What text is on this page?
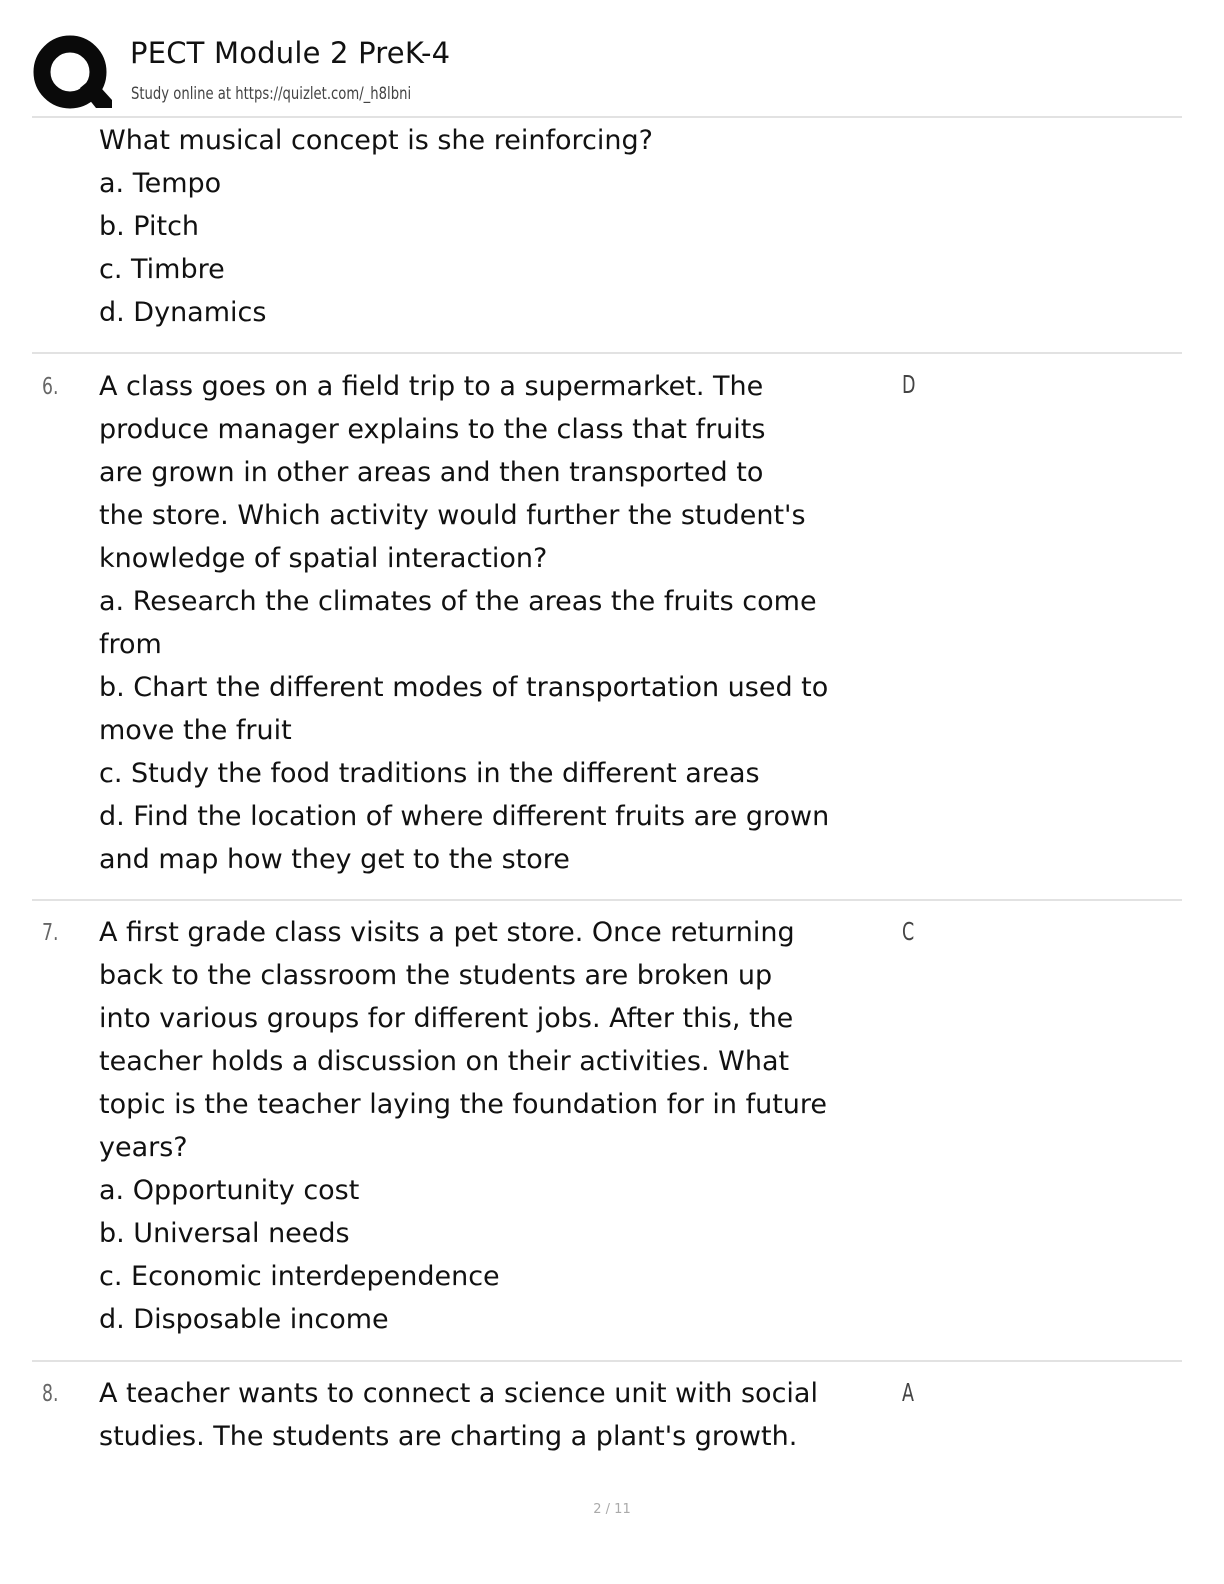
PECT Module 2 PreK-4
Study online at https://quizlet.com/_h8lbni
What musical concept is she reinforcing?
a. Tempo
b. Pitch
c. Timbre
d. Dynamics
6. A class goes on a field trip to a supermarket. The
produce manager explains to the class that fruits
are grown in other areas and then transported to
the store. Which activity would further the student's
knowledge of spatial interaction?
a. Research the climates of the areas the fruits come
from
b. Chart the different modes of transportation used to
move the fruit
c. Study the food traditions in the different areas
d. Find the location of where different fruits are grown
and map how they get to the store
D
7. A first grade class visits a pet store. Once returning
back to the classroom the students are broken up
into various groups for different jobs. After this, the
teacher holds a discussion on their activities. What
topic is the teacher laying the foundation for in future
years?
a. Opportunity cost
b. Universal needs
c. Economic interdependence
d. Disposable income
C
8. A teacher wants to connect a science unit with social
studies. The students are charting a plant's growth.
A
2 / 11
